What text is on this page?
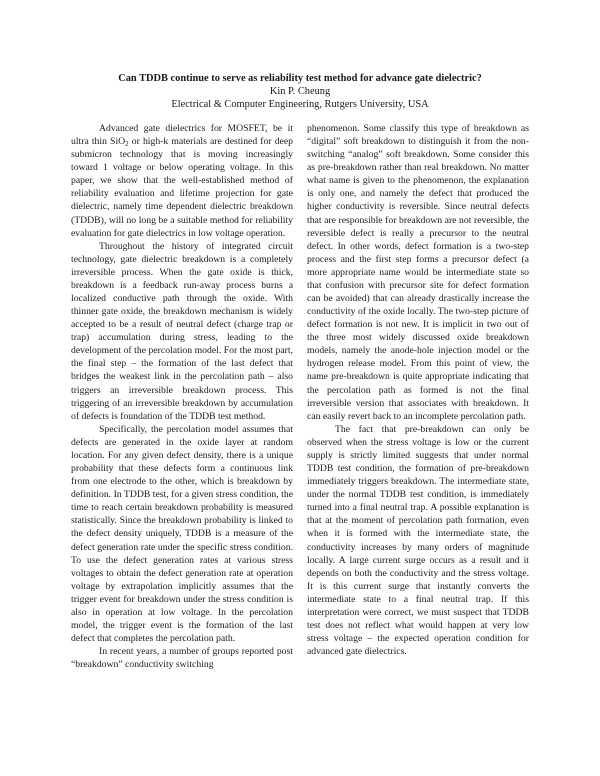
Can TDDB continue to serve as reliability test method for advance gate dielectric?
Kin P. Cheung
Electrical & Computer Engineering, Rutgers University, USA

Advanced gate dielectrics for MOSFET, be it ultra thin SiO$_2$ or high-k materials are destined for deep submicron technology that is moving increasingly toward 1 voltage or below operating voltage. In this paper, we show that the well-established method of reliability evaluation and lifetime projection for gate dielectric, namely time dependent dielectric breakdown (TDDB), will no long be a suitable method for reliability evaluation for gate dielectrics in low voltage operation.

Throughout the history of integrated circuit technology, gate dielectric breakdown is a completely irreversible process. When the gate oxide is thick, breakdown is a feedback run-away process burns a localized conductive path through the oxide. With thinner gate oxide, the breakdown mechanism is widely accepted to be a result of neutral defect (charge trap or trap) accumulation during stress, leading to the development of the percolation model. For the most part, the final step – the formation of the last defect that bridges the weakest link in the percolation path – also triggers an irreversible breakdown process. This triggering of an irreversible breakdown by accumulation of defects is foundation of the TDDB test method.

Specifically, the percolation model assumes that defects are generated in the oxide layer at random location. For any given defect density, there is a unique probability that these defects form a continuous link from one electrode to the other, which is breakdown by definition. In TDDB test, for a given stress condition, the time to reach certain breakdown probability is measured statistically. Since the breakdown probability is linked to the defect density uniquely, TDDB is a measure of the defect generation rate under the specific stress condition. To use the defect generation rates at various stress voltages to obtain the defect generation rate at operation voltage by extrapolation implicitly assumes that the trigger event for breakdown under the stress condition is also in operation at low voltage. In the percolation model, the trigger event is the formation of the last defect that completes the percolation path.

In recent years, a number of groups reported post “breakdown” conductivity switching

phenomenon. Some classify this type of breakdown as “digital” soft breakdown to distinguish it from the non-switching “analog” soft breakdown. Some consider this as pre-breakdown rather than real breakdown. No matter what name is given to the phenomenon, the explanation is only one, and namely the defect that produced the higher conductivity is reversible. Since neutral defects that are responsible for breakdown are not reversible, the reversible defect is really a precursor to the neutral defect. In other words, defect formation is a two-step process and the first step forms a precursor defect (a more appropriate name would be intermediate state so that confusion with precursor site for defect formation can be avoided) that can already drastically increase the conductivity of the oxide locally. The two-step picture of defect formation is not new. It is implicit in two out of the three most widely discussed oxide breakdown models, namely the anode-hole injection model or the hydrogen release model. From this point of view, the name pre-breakdown is quite appropriate indicating that the percolation path as formed is not the final irreversible version that associates with breakdown. It can easily revert back to an incomplete percolation path.

The fact that pre-breakdown can only be observed when the stress voltage is low or the current supply is strictly limited suggests that under normal TDDB test condition, the formation of pre-breakdown immediately triggers breakdown. The intermediate state, under the normal TDDB test condition, is immediately turned into a final neutral trap. A possible explanation is that at the moment of percolation path formation, even when it is formed with the intermediate state, the conductivity increases by many orders of magnitude locally. A large current surge occurs as a result and it depends on both the conductivity and the stress voltage. It is this current surge that instantly converts the intermediate state to a final neutral trap. If this interpretation were correct, we must suspect that TDDB test does not reflect what would happen at very low stress voltage – the expected operation condition for advanced gate dielectrics.
